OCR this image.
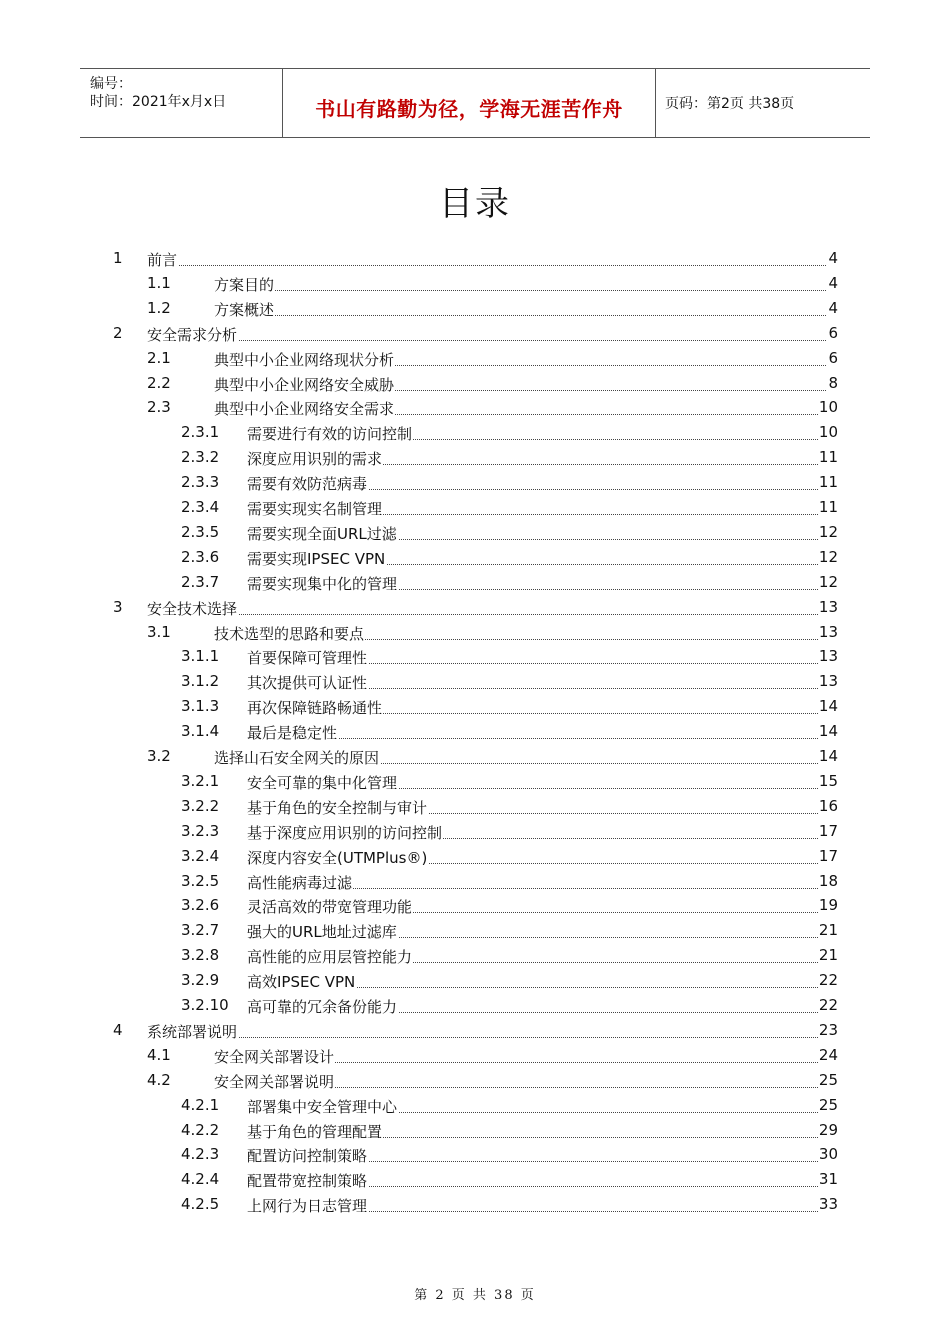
编号：
时间：2021年x月x日	书山有路勤为径，学海无涯苦作舟	页码：第2页 共38页
目录
1 前言	4
1.1	方案目的	4
1.2	方案概述	4
2 安全需求分析	6
2.1	典型中小企业网络现状分析	6
2.2	典型中小企业网络安全威胁	8
2.3	典型中小企业网络安全需求	10
2.3.1 需要进行有效的访问控制	10
2.3.2 深度应用识别的需求	11
2.3.3 需要有效防范病毒	11
2.3.4 需要实现实名制管理	11
2.3.5 需要实现全面URL过滤	12
2.3.6 需要实现IPSEC VPN	12
2.3.7 需要实现集中化的管理	12
3 安全技术选择	13
3.1	技术选型的思路和要点	13
3.1.1 首要保障可管理性	13
3.1.2 其次提供可认证性	13
3.1.3 再次保障链路畅通性	14
3.1.4 最后是稳定性	14
3.2	选择山石安全网关的原因	14
3.2.1 安全可靠的集中化管理	15
3.2.2 基于角色的安全控制与审计	16
3.2.3 基于深度应用识别的访问控制	17
3.2.4 深度内容安全(UTMPlus®)	17
3.2.5 高性能病毒过滤	18
3.2.6 灵活高效的带宽管理功能	19
3.2.7 强大的URL地址过滤库	21
3.2.8 高性能的应用层管控能力	21
3.2.9 高效IPSEC VPN	22
3.2.10 高可靠的冗余备份能力	22
4 系统部署说明	23
4.1	安全网关部署设计	24
4.2	安全网关部署说明	25
4.2.1 部署集中安全管理中心	25
4.2.2 基于角色的管理配置	29
4.2.3 配置访问控制策略	30
4.2.4 配置带宽控制策略	31
4.2.5 上网行为日志管理	33
第 2 页 共 38 页
